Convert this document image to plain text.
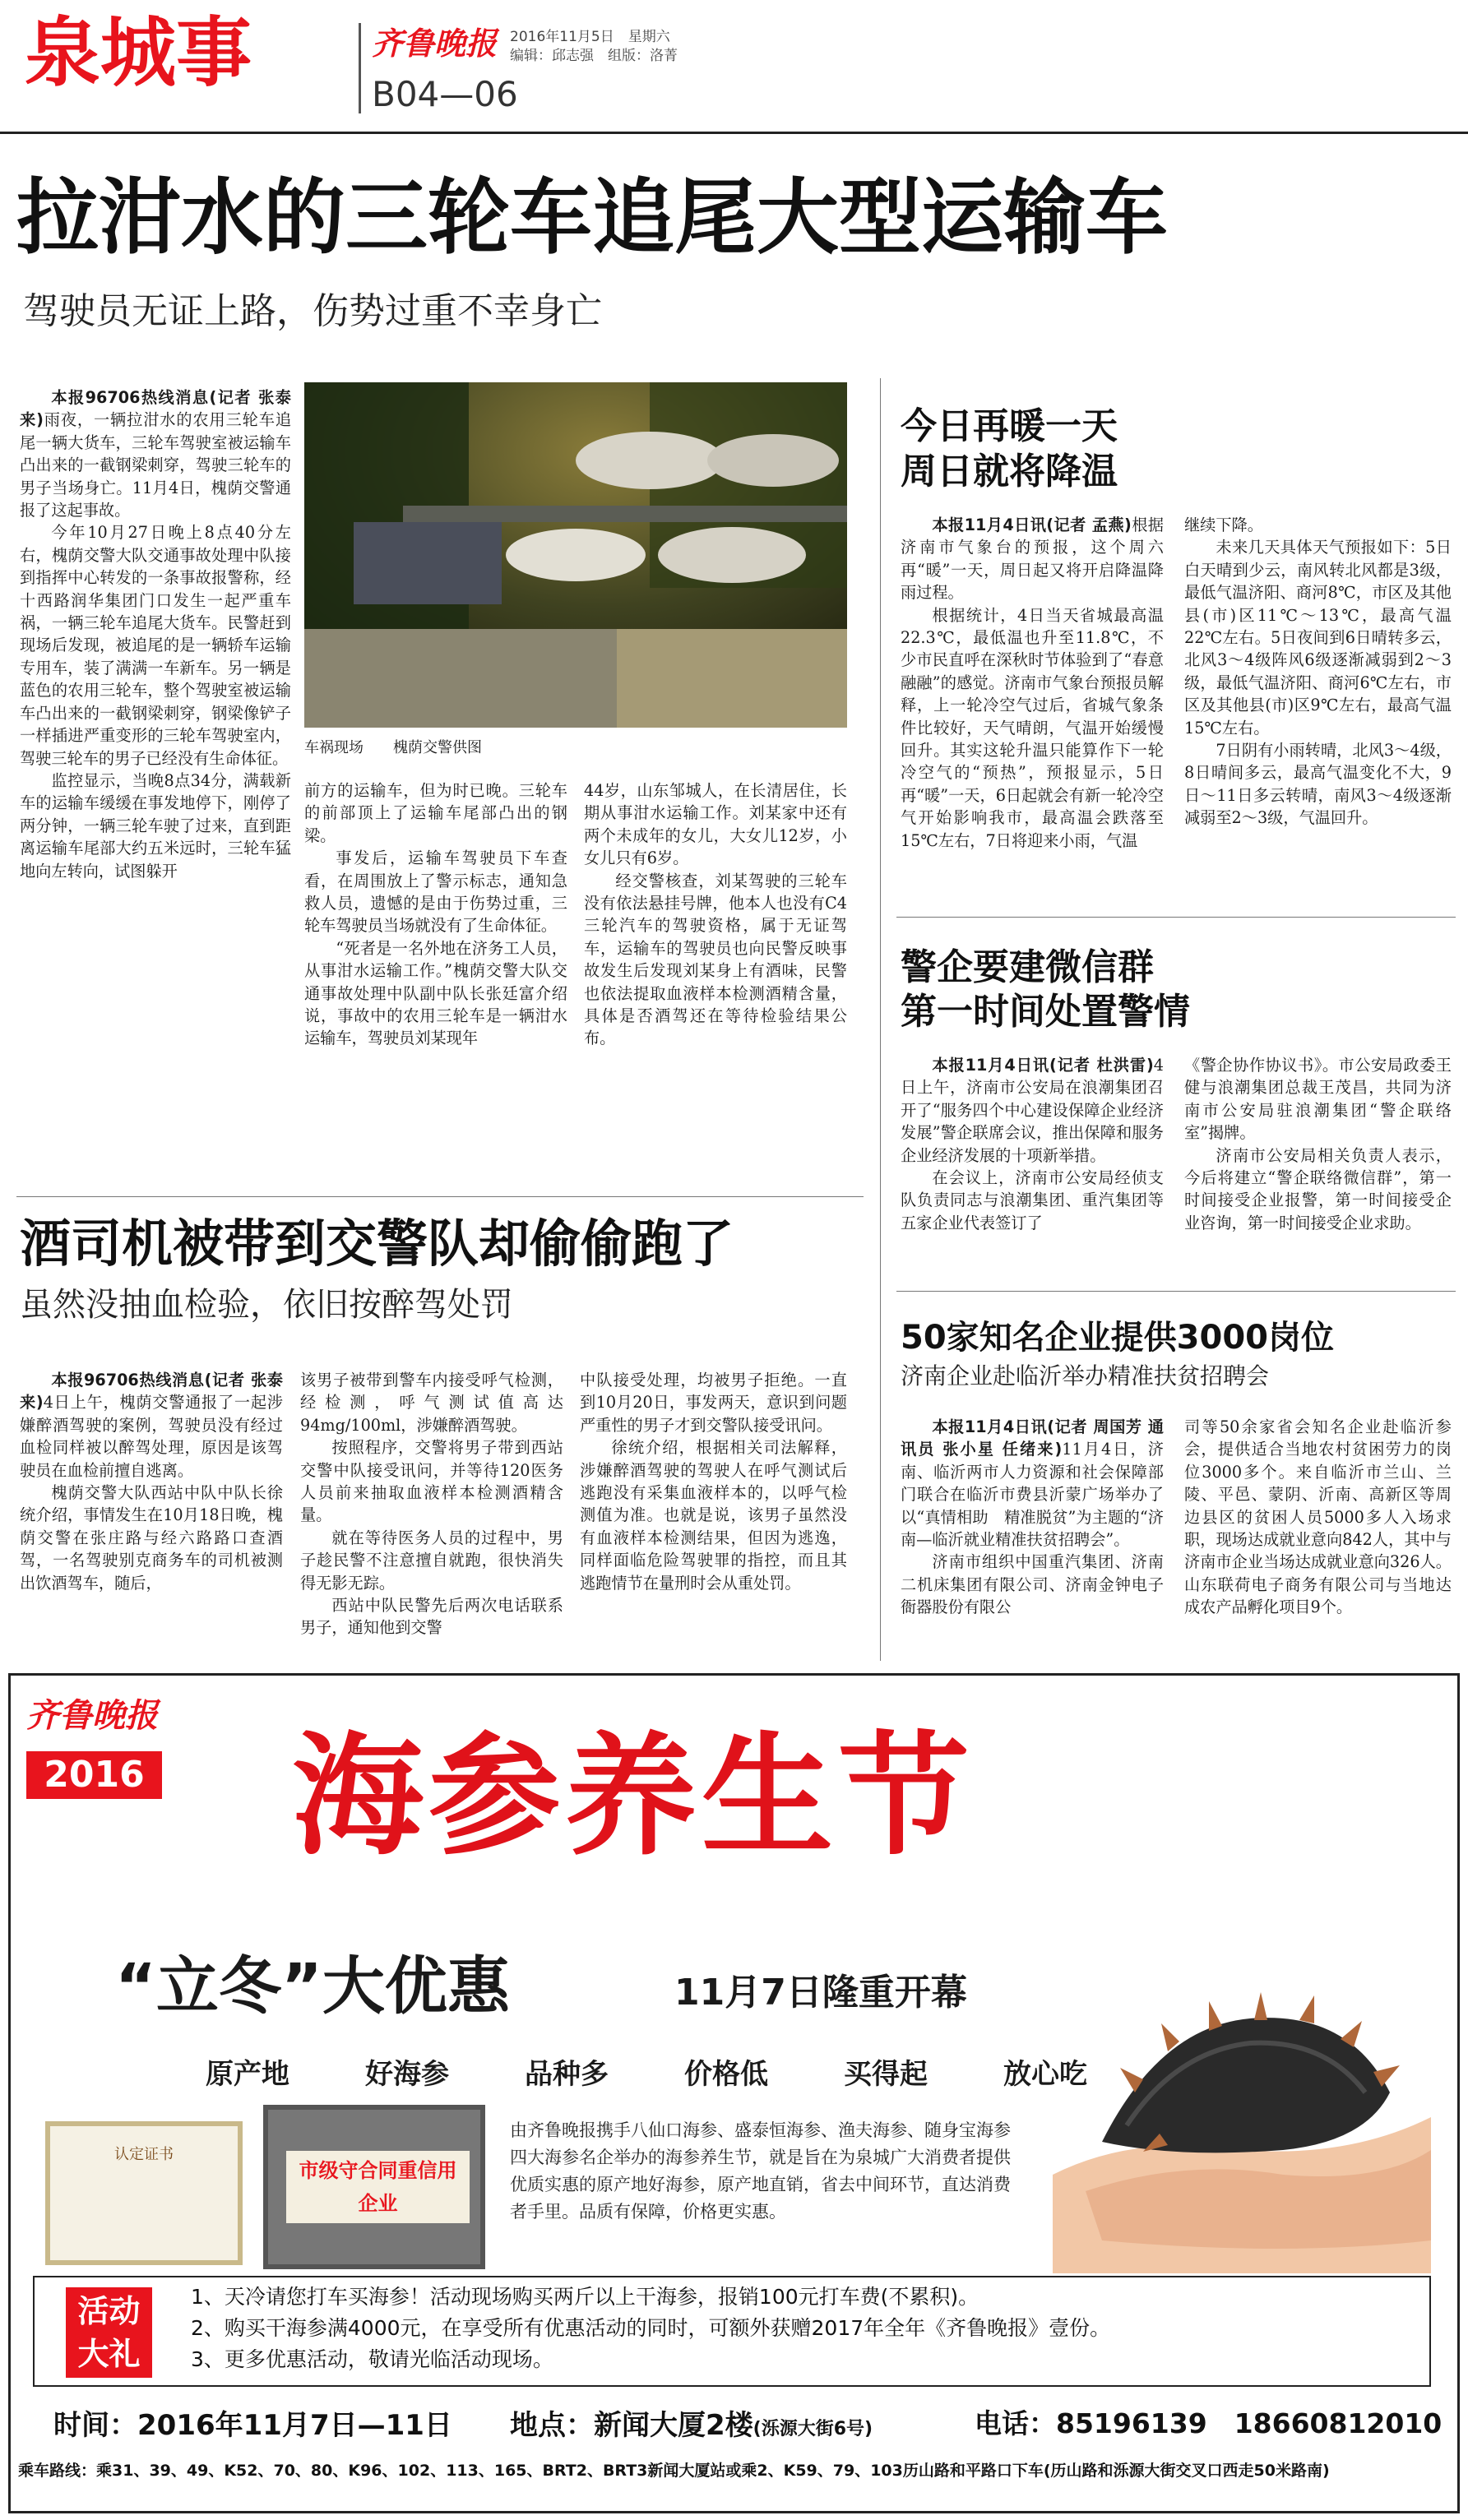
泉城事	齐鲁晚报 2016年11月5日　星期六
编辑：邱志强　组版：洛菁
B04—06
拉泔水的三轮车追尾大型运输车
驾驶员无证上路，伤势过重不幸身亡

本报96706热线消息(记者 张泰来)雨夜，一辆拉泔水的农用三轮车追尾一辆大货车，三轮车驾驶室被运输车凸出来的一截钢梁刺穿，驾驶三轮车的男子当场身亡。11月4日，槐荫交警通报了这起事故。

今年10月27日晚上8点40分左右，槐荫交警大队交通事故处理中队接到指挥中心转发的一条事故报警称，经十西路润华集团门口发生一起严重车祸，一辆三轮车追尾大货车。民警赶到现场后发现，被追尾的是一辆轿车运输专用车，装了满满一车新车。另一辆是蓝色的农用三轮车，整个驾驶室被运输车凸出来的一截钢梁刺穿，钢梁像铲子一样插进严重变形的三轮车驾驶室内，驾驶三轮车的男子已经没有生命体征。

监控显示，当晚8点34分，满载新车的运输车缓缓在事发地停下，刚停了两分钟，一辆三轮车驶了过来，直到距离运输车尾部大约五米远时，三轮车猛地向左转向，试图躲开

车祸现场　　槐荫交警供图

前方的运输车，但为时已晚。三轮车的前部顶上了运输车尾部凸出的钢梁。

事发后，运输车驾驶员下车查看，在周围放上了警示标志，通知急救人员，遗憾的是由于伤势过重，三轮车驾驶员当场就没有了生命体征。

“死者是一名外地在济务工人员，从事泔水运输工作。”槐荫交警大队交通事故处理中队副中队长张廷富介绍说，事故中的农用三轮车是一辆泔水运输车，驾驶员刘某现年

44岁，山东邹城人，在长清居住，长期从事泔水运输工作。刘某家中还有两个未成年的女儿，大女儿12岁，小女儿只有6岁。

经交警核查，刘某驾驶的三轮车没有依法悬挂号牌，他本人也没有C4三轮汽车的驾驶资格，属于无证驾车，运输车的驾驶员也向民警反映事故发生后发现刘某身上有酒味，民警也依法提取血液样本检测酒精含量，具体是否酒驾还在等待检验结果公布。

今日再暖一天
周日就将降温

本报11月4日讯(记者 孟燕)根据济南市气象台的预报，这个周六再“暖”一天，周日起又将开启降温降雨过程。

根据统计，4日当天省城最高温22.3℃，最低温也升至11.8℃，不少市民直呼在深秋时节体验到了“春意融融”的感觉。济南市气象台预报员解释，上一轮冷空气过后，省城气象条件比较好，天气晴朗，气温开始缓慢回升。其实这轮升温只能算作下一轮冷空气的“预热”，预报显示，5日再“暖”一天，6日起就会有新一轮冷空气开始影响我市，最高温会跌落至15℃左右，7日将迎来小雨，气温

继续下降。

未来几天具体天气预报如下：5日白天晴到少云，南风转北风都是3级，最低气温济阳、商河8℃，市区及其他县(市)区11℃～13℃，最高气温22℃左右。5日夜间到6日晴转多云，北风3～4级阵风6级逐渐减弱到2～3级，最低气温济阳、商河6℃左右，市区及其他县(市)区9℃左右，最高气温15℃左右。

7日阴有小雨转晴，北风3～4级，8日晴间多云，最高气温变化不大，9日～11日多云转晴，南风3～4级逐渐减弱至2～3级，气温回升。

警企要建微信群
第一时间处置警情

本报11月4日讯(记者 杜洪雷)4日上午，济南市公安局在浪潮集团召开了“服务四个中心建设保障企业经济发展”警企联席会议，推出保障和服务企业经济发展的十项新举措。

在会议上，济南市公安局经侦支队负责同志与浪潮集团、重汽集团等五家企业代表签订了

《警企协作协议书》。市公安局政委王健与浪潮集团总裁王茂昌，共同为济南市公安局驻浪潮集团“警企联络室”揭牌。

济南市公安局相关负责人表示，今后将建立“警企联络微信群”，第一时间接受企业报警，第一时间接受企业咨询，第一时间接受企业求助。

酒司机被带到交警队却偷偷跑了
虽然没抽血检验，依旧按醉驾处罚

本报96706热线消息(记者 张泰来)4日上午，槐荫交警通报了一起涉嫌醉酒驾驶的案例，驾驶员没有经过血检同样被以醉驾处理，原因是该驾驶员在血检前擅自逃离。

槐荫交警大队西站中队中队长徐统介绍，事情发生在10月18日晚，槐荫交警在张庄路与经六路路口查酒驾，一名驾驶别克商务车的司机被测出饮酒驾车，随后，

该男子被带到警车内接受呼气检测，经检测，呼气测试值高达94mg/100ml，涉嫌醉酒驾驶。

按照程序，交警将男子带到西站交警中队接受讯问，并等待120医务人员前来抽取血液样本检测酒精含量。

就在等待医务人员的过程中，男子趁民警不注意擅自就跑，很快消失得无影无踪。

西站中队民警先后两次电话联系男子，通知他到交警

中队接受处理，均被男子拒绝。一直到10月20日，事发两天，意识到问题严重性的男子才到交警队接受讯问。

徐统介绍，根据相关司法解释，涉嫌醉酒驾驶的驾驶人在呼气测试后逃跑没有采集血液样本的，以呼气检测值为准。也就是说，该男子虽然没有血液样本检测结果，但因为逃逸，同样面临危险驾驶罪的指控，而且其逃跑情节在量刑时会从重处罚。

50家知名企业提供3000岗位
济南企业赴临沂举办精准扶贫招聘会

本报11月4日讯(记者 周国芳 通讯员 张小星 任绪来)11月4日，济南、临沂两市人力资源和社会保障部门联合在临沂市费县沂蒙广场举办了以“真情相助　精准脱贫”为主题的“济南—临沂就业精准扶贫招聘会”。

济南市组织中国重汽集团、济南二机床集团有限公司、济南金钟电子衙器股份有限公

司等50余家省会知名企业赴临沂参会，提供适合当地农村贫困劳力的岗位3000多个。来自临沂市兰山、兰陵、平邑、蒙阴、沂南、高新区等周边县区的贫困人员5000多人入场求职，现场达成就业意向842人，其中与济南市企业当场达成就业意向326人。山东联荷电子商务有限公司与当地达成农产品孵化项目9个。

齐鲁晚报
2016 海参养生节
“立冬”大优惠	11月7日隆重开幕
原产地	好海参	品种多	价格低	买得起	放心吃
认定证书
市级守合同重信用企业
由齐鲁晚报携手八仙口海参、盛泰恒海参、渔夫海参、随身宝海参四大海参名企举办的海参养生节，就是旨在为泉城广大消费者提供优质实惠的原产地好海参，原产地直销，省去中间环节，直达消费者手里。品质有保障，价格更实惠。
活动大礼
1、天冷请您打车买海参！活动现场购买两斤以上干海参，报销100元打车费(不累积)。
2、购买干海参满4000元，在享受所有优惠活动的同时，可额外获赠2017年全年《齐鲁晚报》壹份。
3、更多优惠活动，敬请光临活动现场。
时间：2016年11月7日—11日 地点：新闻大厦2楼(泺源大街6号)	电话：85196139　18660812010
乘车路线：乘31、39、49、K52、70、80、K96、102、113、165、BRT2、BRT3新闻大厦站或乘2、K59、79、103历山路和平路口下车(历山路和泺源大街交叉口西走50米路南)
